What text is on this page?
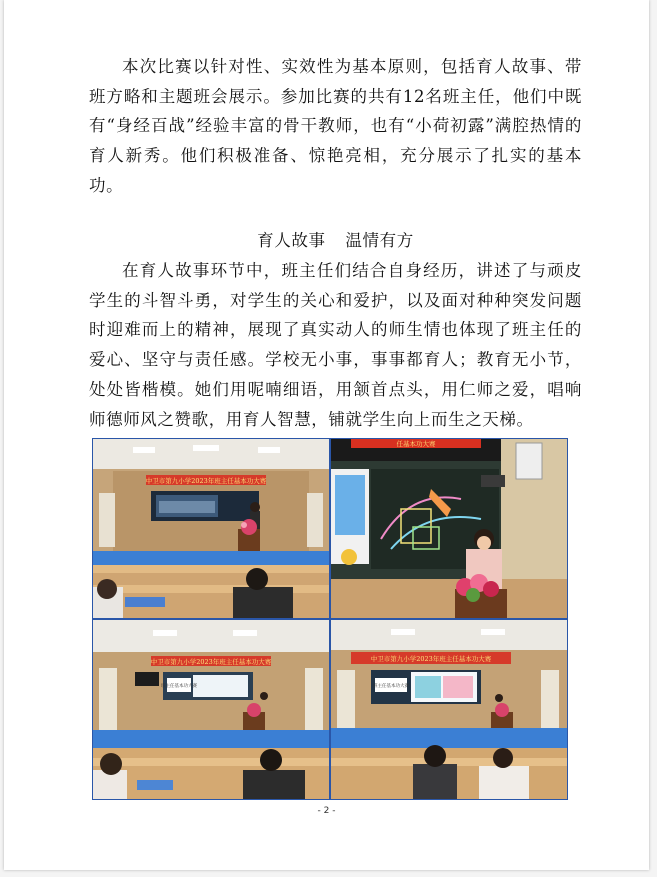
本次比赛以针对性、实效性为基本原则，包括育人故事、带班方略和主题班会展示。参加比赛的共有12名班主任，他们中既有“身经百战”经验丰富的骨干教师，也有“小荷初露”满腔热情的育人新秀。他们积极准备、惊艳亮相，充分展示了扎实的基本功。

育人故事 温情有方

在育人故事环节中，班主任们结合自身经历，讲述了与顽皮学生的斗智斗勇，对学生的关心和爱护，以及面对种种突发问题时迎难而上的精神，展现了真实动人的师生情也体现了班主任的爱心、坚守与责任感。学校无小事，事事都育人；教育无小节，处处皆楷模。她们用呢喃细语，用颔首点头，用仁师之爱，唱响师德师风之赞歌，用育人智慧，铺就学生向上而生之天梯。

中卫市第九小学2023年班主任基本功大赛
任基本功大赛
中卫市第九小学2023年班主任基本功大赛
班主任基本功大赛
中卫市第九小学2023年班主任基本功大赛
班主任基本功大赛
- 2 -
